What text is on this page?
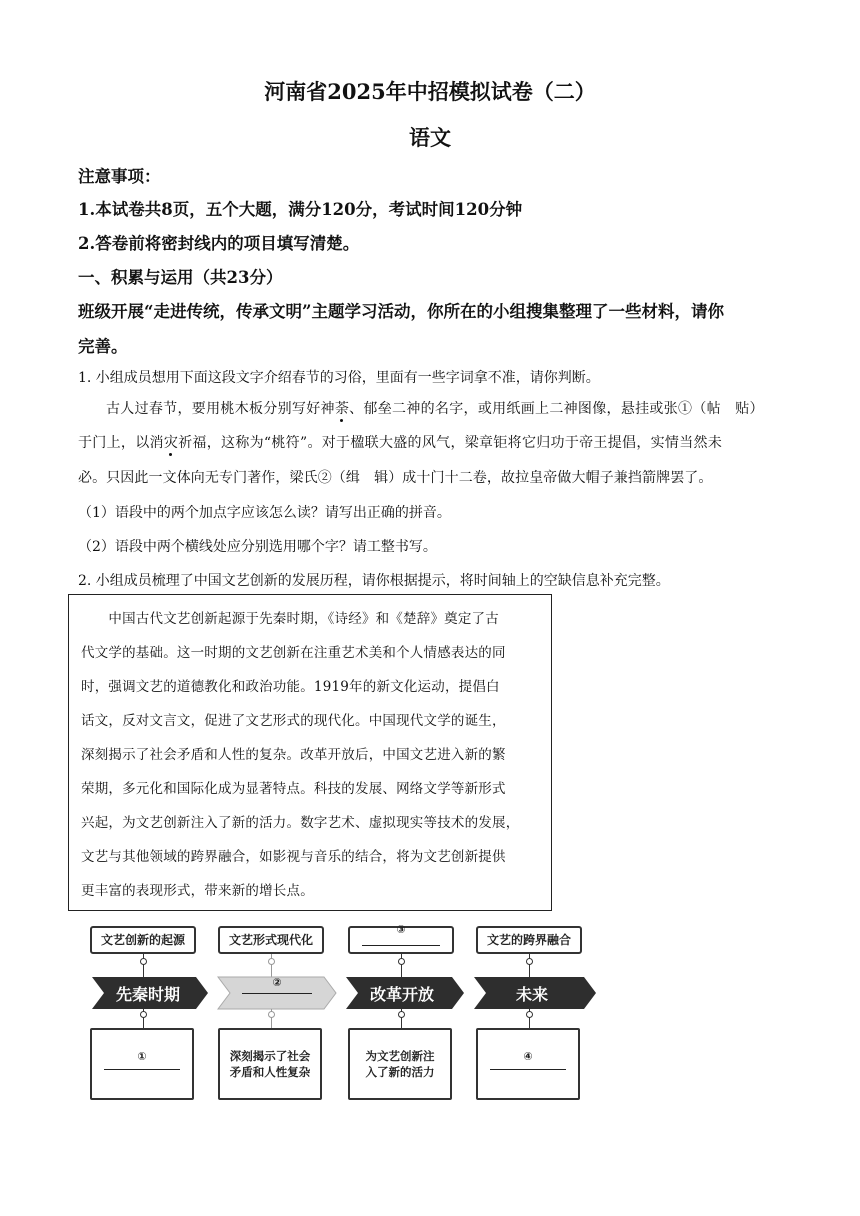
河南省2025年中招模拟试卷（二）
语文
注意事项：
1.本试卷共8页，五个大题，满分120分，考试时间120分钟
2.答卷前将密封线内的项目填写清楚。
一、积累与运用（共23分）
班级开展“走进传统，传承文明”主题学习活动，你所在的小组搜集整理了一些材料，请你
完善。
1. 小组成员想用下面这段文字介绍春节的习俗，里面有一些字词拿不准，请你判断。
古人过春节，要用桃木板分别写好神荼、郁垒二神的名字，或用纸画上二神图像，悬挂或张①（帖　贴）
于门上，以消灾祈福，这称为“桃符”。对于楹联大盛的风气，梁章钜将它归功于帝王提倡，实情当然未
必。只因此一文体向无专门著作，梁氏②（缉　辑）成十门十二卷，故拉皇帝做大帽子兼挡箭牌罢了。
（1）语段中的两个加点字应该怎么读？请写出正确的拼音。
（2）语段中两个横线处应分别选用哪个字？请工整书写。
2. 小组成员梳理了中国文艺创新的发展历程，请你根据提示，将时间轴上的空缺信息补充完整。
　　中国古代文艺创新起源于先秦时期，《诗经》和《楚辞》奠定了古
代文学的基础。这一时期的文艺创新在注重艺术美和个人情感表达的同
时，强调文艺的道德教化和政治功能。1919年的新文化运动，提倡白
话文，反对文言文，促进了文艺形式的现代化。中国现代文学的诞生，
深刻揭示了社会矛盾和人性的复杂。改革开放后，中国文艺进入新的繁
荣期，多元化和国际化成为显著特点。科技的发展、网络文学等新形式
兴起，为文艺创新注入了新的活力。数字艺术、虚拟现实等技术的发展，
文艺与其他领域的跨界融合，如影视与音乐的结合，将为文艺创新提供
更丰富的表现形式，带来新的增长点。
文艺创新的起源	文艺形式现代化
③
文艺的跨界融合
先秦时期
②
改革开放	未来
①	深刻揭示了社会
矛盾和人性复杂
为文艺创新注
入了新的活力
④
